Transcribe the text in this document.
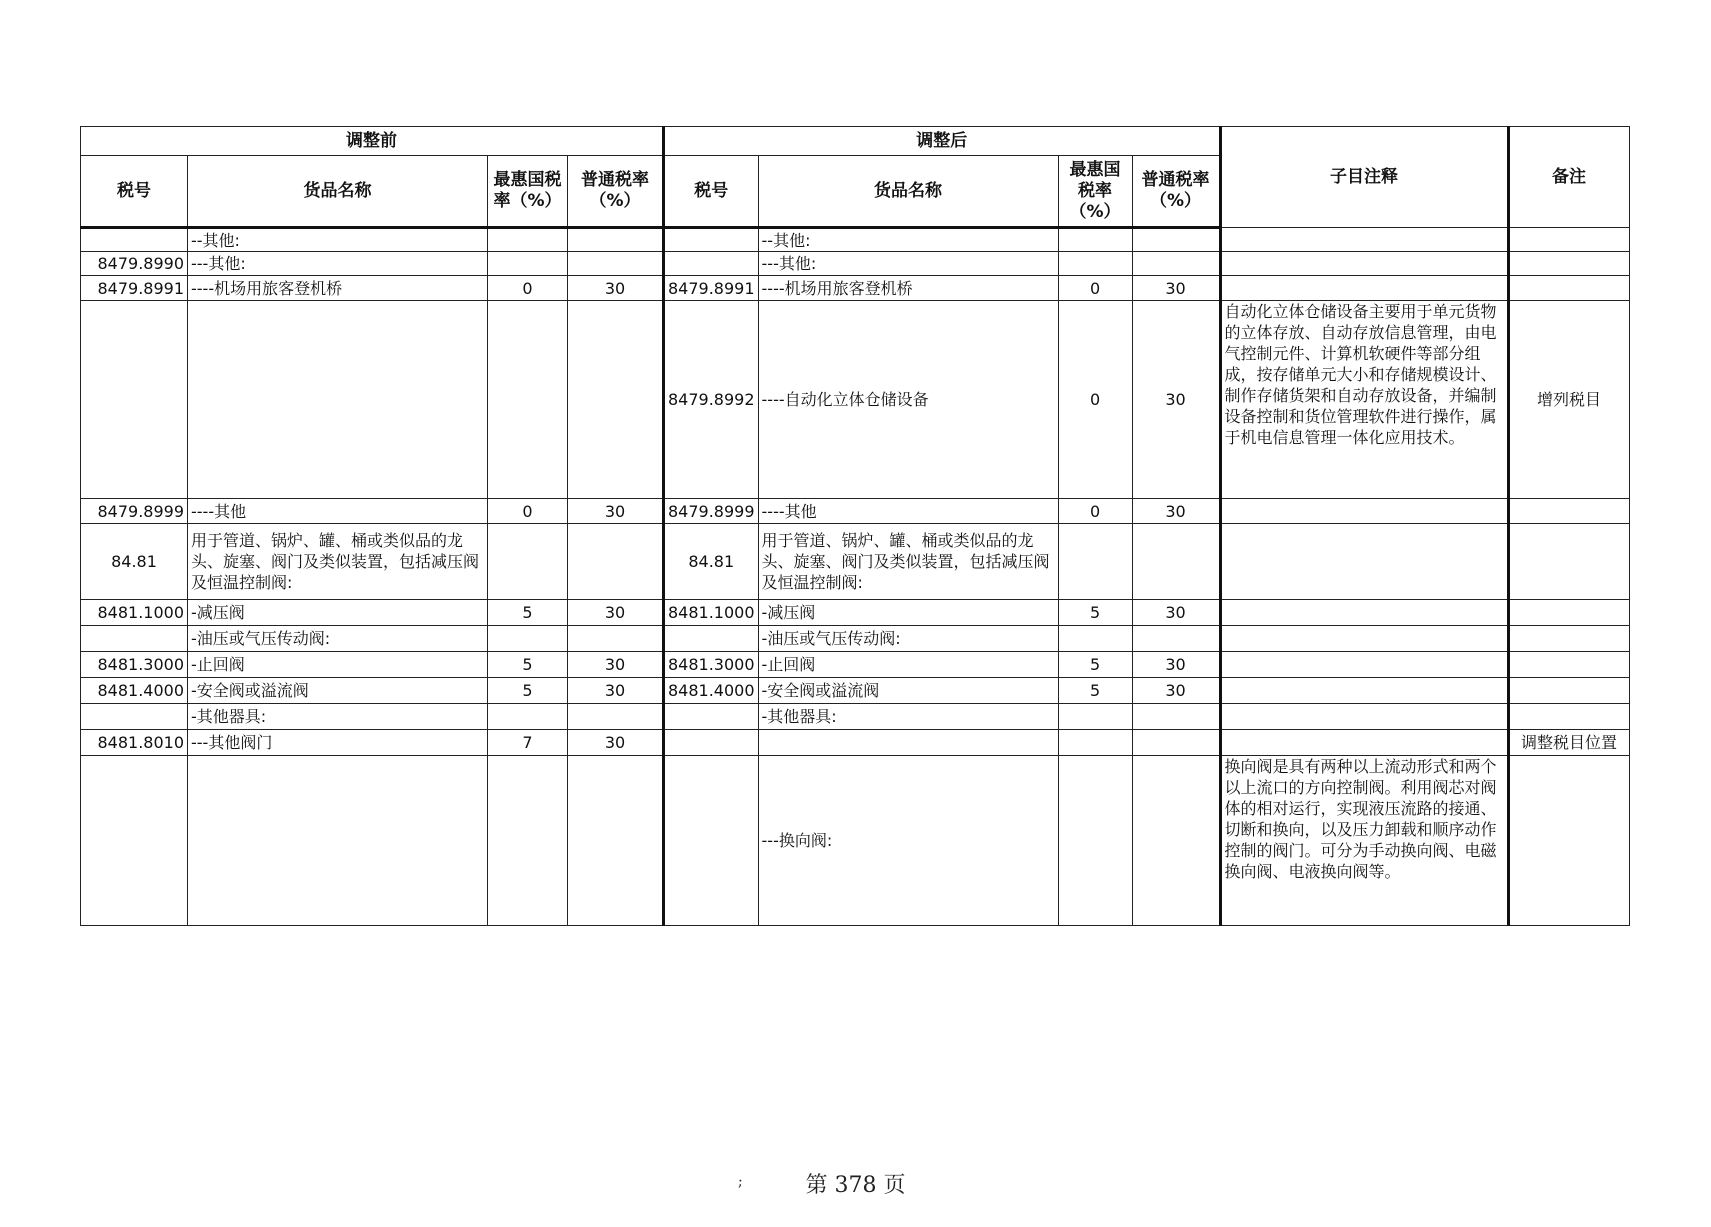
调整前				调整后				子目注释	备注
税号	货品名称	最惠国税率（%）	普通税率（%）	税号	货品名称	最惠国税率（%）	普通税率（%）		
	--其他:				--其他:				
8479.8990	---其他:				---其他:				
8479.8991	----机场用旅客登机桥	0	30	8479.8991	----机场用旅客登机桥	0	30		
				8479.8992	----自动化立体仓储设备	0	30	自动化立体仓储设备主要用于单元货物的立体存放、自动存放信息管理，由电气控制元件、计算机软硬件等部分组成，按存储单元大小和存储规模设计、制作存储货架和自动存放设备，并编制设备控制和货位管理软件进行操作，属于机电信息管理一体化应用技术。	增列税目
8479.8999	----其他	0	30	8479.8999	----其他	0	30		
84.81	用于管道、锅炉、罐、桶或类似品的龙头、旋塞、阀门及类似装置，包括减压阀及恒温控制阀:			84.81	用于管道、锅炉、罐、桶或类似品的龙头、旋塞、阀门及类似装置，包括减压阀及恒温控制阀:				
8481.1000	-减压阀	5	30	8481.1000	-减压阀	5	30		
	-油压或气压传动阀:				-油压或气压传动阀:				
8481.3000	-止回阀	5	30	8481.3000	-止回阀	5	30		
8481.4000	-安全阀或溢流阀	5	30	8481.4000	-安全阀或溢流阀	5	30		
	-其他器具:				-其他器具:				
8481.8010	---其他阀门	7	30						调整税目位置
					---换向阀:			换向阀是具有两种以上流动形式和两个以上流口的方向控制阀。利用阀芯对阀体的相对运行，实现液压流路的接通、切断和换向，以及压力卸载和顺序动作控制的阀门。可分为手动换向阀、电磁换向阀、电液换向阀等。	
;	第 378 页
